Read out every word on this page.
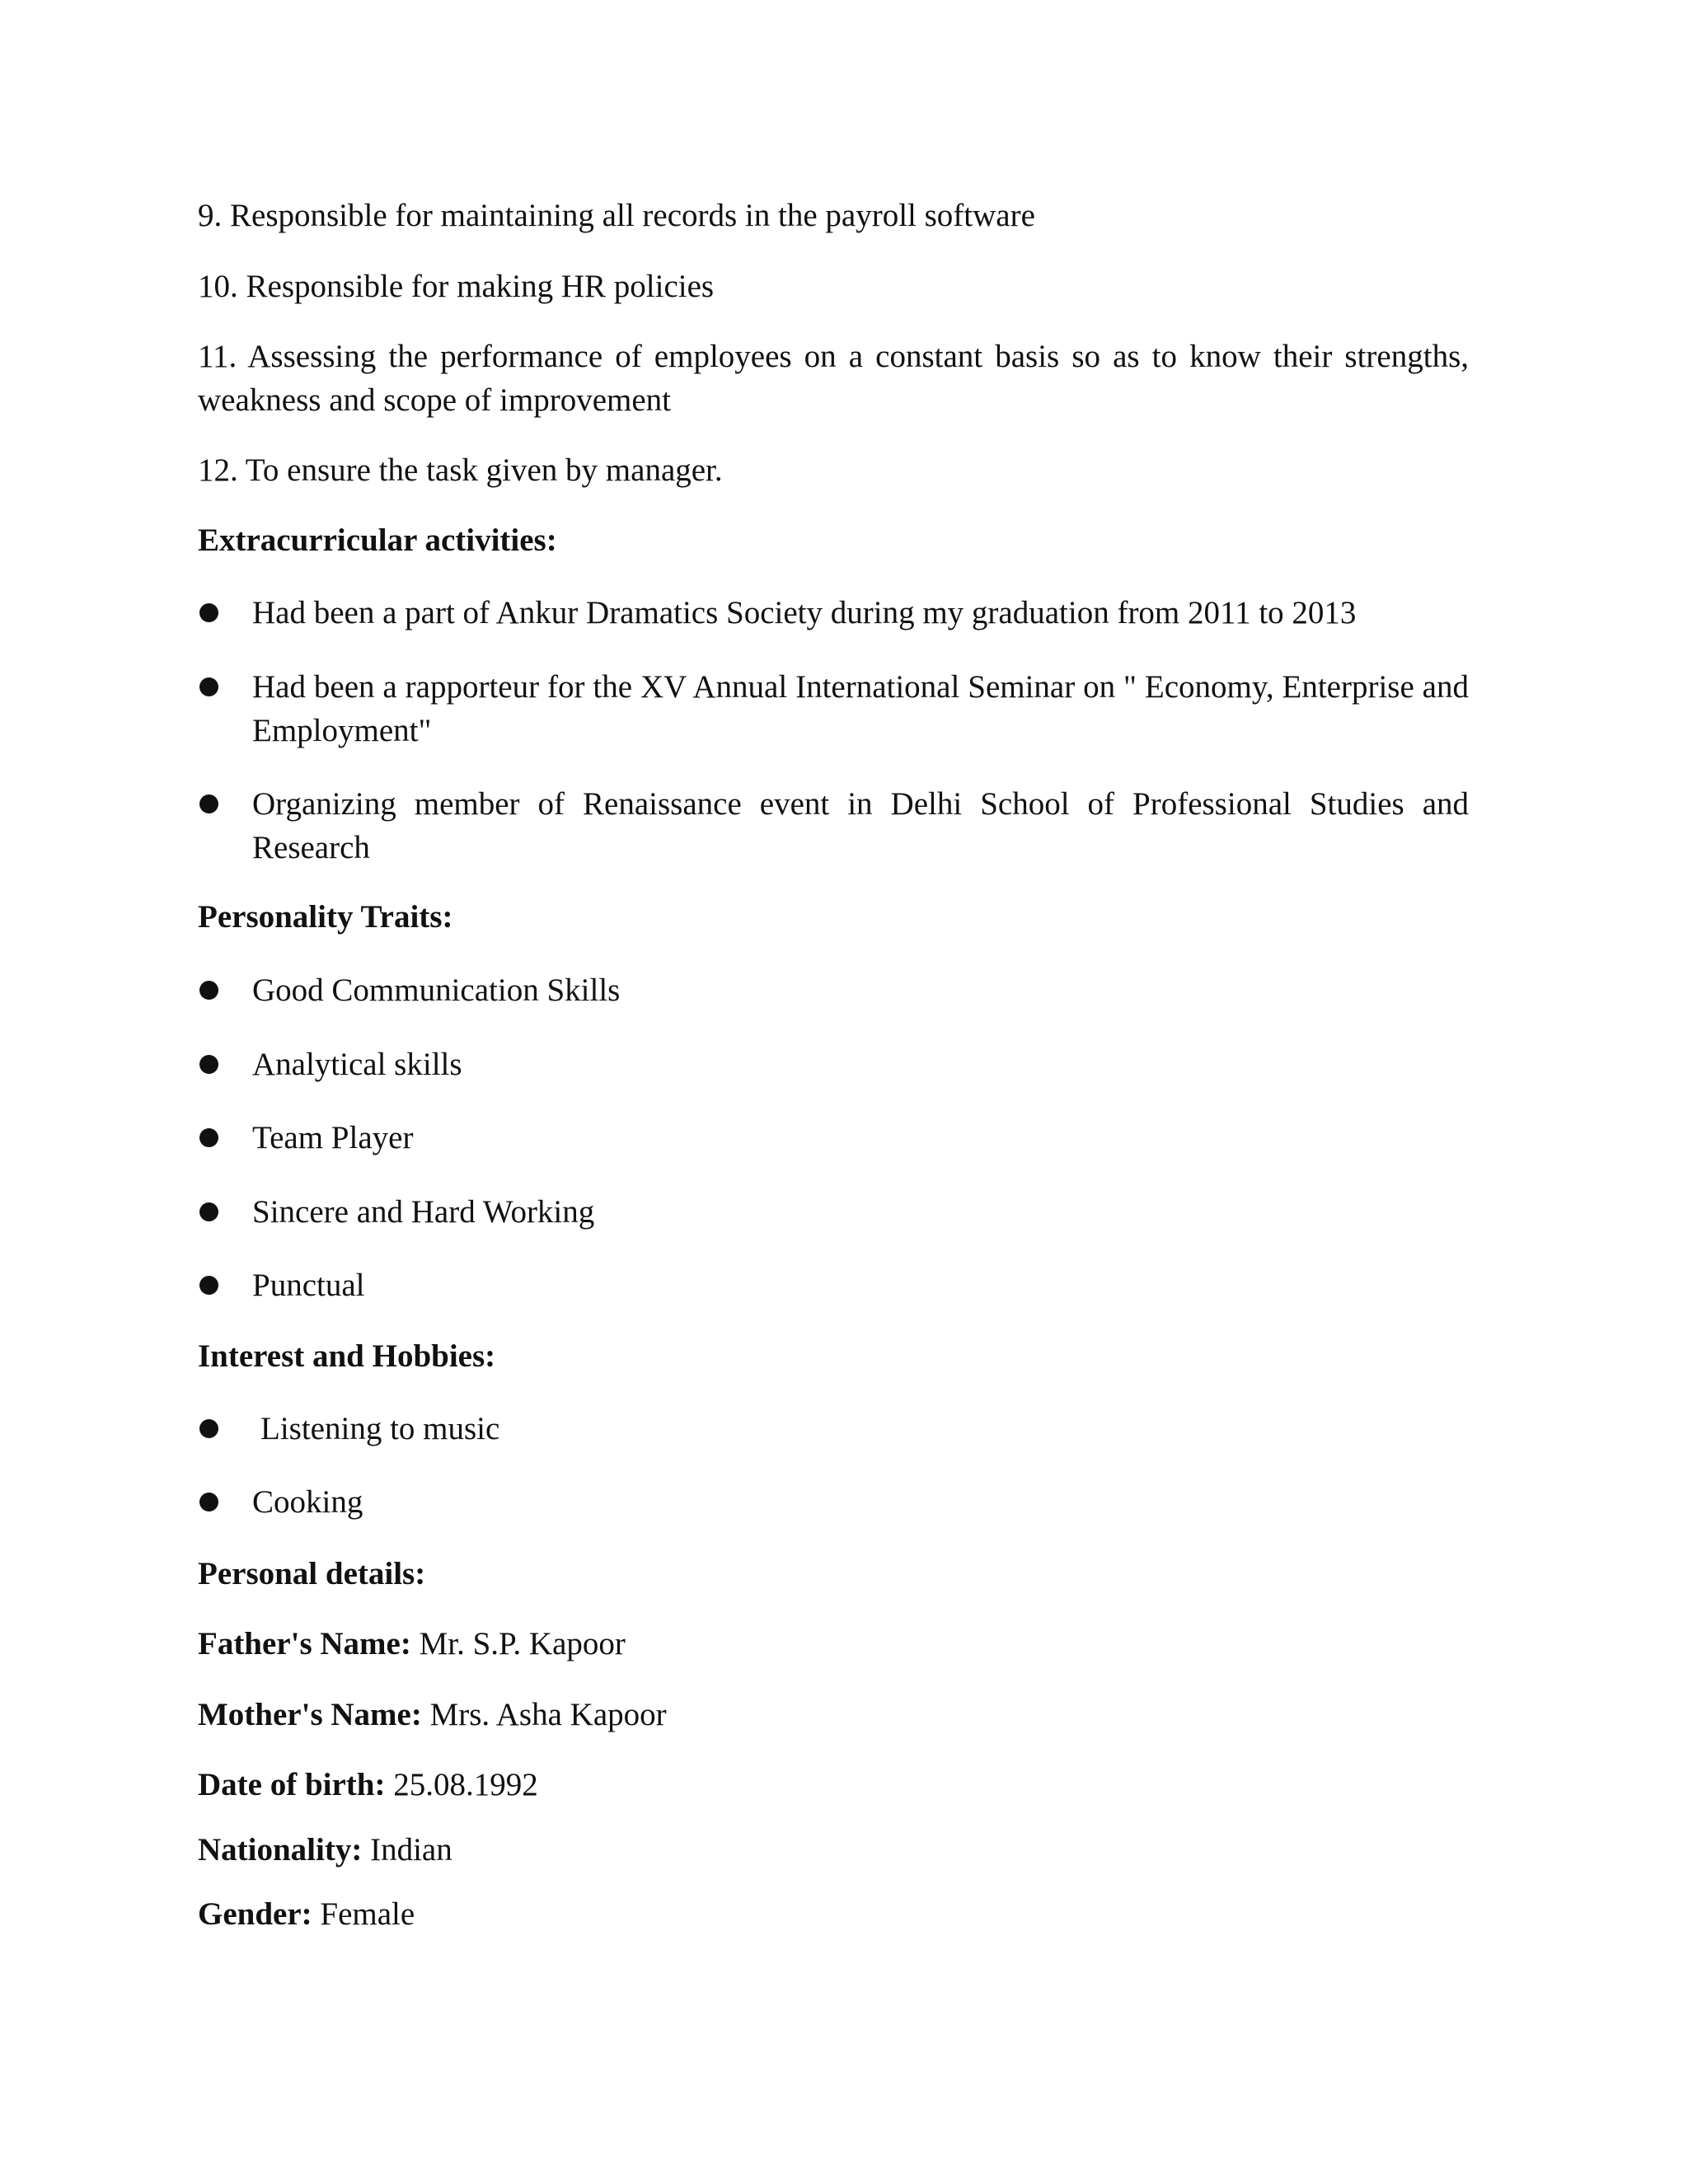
9. Responsible for maintaining all records in the payroll software
10. Responsible for making HR policies
11. Assessing the performance of employees on a constant basis so as to know their strengths, weakness and scope of improvement
12. To ensure the task given by manager.
Extracurricular activities:
Had been a part of Ankur Dramatics Society during my graduation from 2011 to 2013
Had been a rapporteur for the XV Annual International Seminar on " Economy, Enterprise and Employment"
Organizing member of Renaissance event in Delhi School of Professional Studies and Research
Personality Traits:
Good Communication Skills
Analytical skills
Team Player
Sincere and Hard Working
Punctual
Interest and Hobbies:
Listening to music
Cooking
Personal details:
Father's Name: Mr. S.P. Kapoor
Mother's Name: Mrs. Asha Kapoor
Date of birth: 25.08.1992
Nationality: Indian
Gender: Female
